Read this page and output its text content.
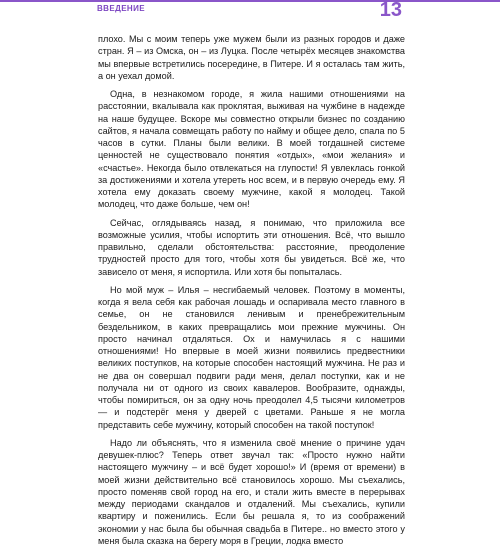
ВВЕДЕНИЕ	13

плохо. Мы с моим теперь уже мужем были из разных городов и даже стран. Я – из Омска, он – из Луцка. После четырёх месяцев знакомства мы впервые встретились посередине, в Питере. И я осталась там жить, а он уехал домой.

Одна, в незнакомом городе, я жила нашими отношениями на расстоянии, вкалывала как проклятая, выживая на чужбине в надежде на наше будущее. Вскоре мы совместно открыли бизнес по созданию сайтов, я начала совмещать работу по найму и общее дело, спала по 5 часов в сутки. Планы были велики. В моей тогдашней системе ценностей не существовало понятия «отдых», «мои желания» и «счастье». Некогда было отвлекаться на глупости! Я увлеклась гонкой за достижениями и хотела утереть нос всем, и в первую очередь ему. Я хотела ему доказать своему мужчине, какой я молодец. Такой молодец, что даже больше, чем он!

Сейчас, оглядываясь назад, я понимаю, что приложила все возможные усилия, чтобы испортить эти отношения. Всё, что вышло правильно, сделали обстоятельства: расстояние, преодоление трудностей просто для того, чтобы хотя бы увидеться. Всё же, что зависело от меня, я испортила. Или хотя бы попыталась.

Но мой муж – Илья – несгибаемый человек. Поэтому в моменты, когда я вела себя как рабочая лошадь и оспаривала место главного в семье, он не становился ленивым и пренебрежительным бездельником, в каких превращались мои прежние мужчины. Он просто начинал отдаляться. Ох и намучилась я с нашими отношениями! Но впервые в моей жизни появились предвестники великих поступков, на которые способен настоящий мужчина. Не раз и не два он совершал подвиги ради меня, делал поступки, как и не получала ни от одного из своих кавалеров. Вообразите, однажды, чтобы помириться, он за одну ночь преодолел 4,5 тысячи километров — и подстерёг меня у дверей с цветами. Раньше я не могла представить себе мужчину, который способен на такой поступок!

Надо ли объяснять, что я изменила своё мнение о причине удач девушек-плюс? Теперь ответ звучал так: «Просто нужно найти настоящего мужчину – и всё будет хорошо!» И (время от времени) в моей жизни действительно всё становилось хорошо. Мы съехались, просто поменяв свой город на его, и стали жить вместе в перерывах между периодами скандалов и отдалений. Мы съехались, купили квартиру и поженились. Если бы решала я, то из соображений экономии у нас была бы обычная свадьба в Питере.. но вместо этого у меня была сказка на берегу моря в Греции, лодка вместо
